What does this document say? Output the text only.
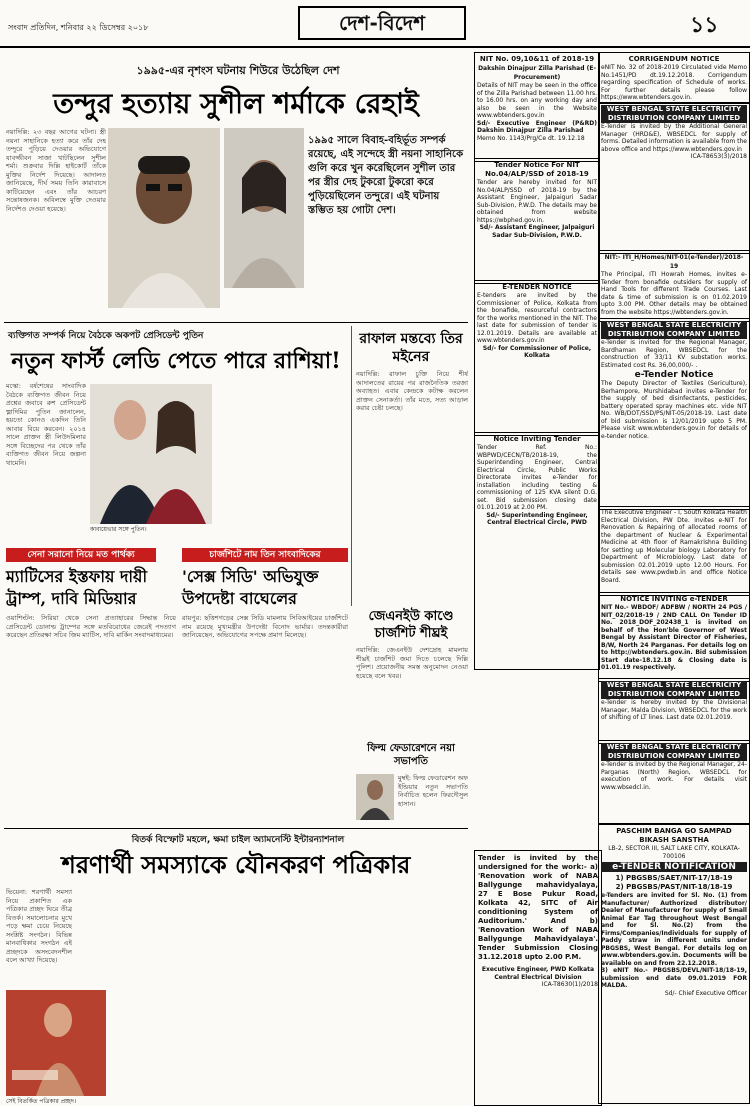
সংবাদ প্রতিদিন, শনিবার ২২ ডিসেম্বর ২০১৮	দেশ-বিদেশ	১১
১৯৯৫-এর নৃশংস ঘটনায় শিউরে উঠেছিল দেশ
তন্দুর হত্যায় সুশীল শর্মাকে রেহাই
নয়াদিল্লি: ২৩ বছর আগের ঘটনা। স্ত্রী নয়না সাহানিকে হত্যা করে তাঁর দেহ তন্দুরে পুড়িয়ে দেওয়ার অভিযোগে যাবজ্জীবন সাজা খাটছিলেন সুশীল শর্মা। শুক্রবার দিল্লি হাইকোর্ট তাঁকে মুক্তির নির্দেশ দিয়েছে। আদালত জানিয়েছে, দীর্ঘ সময় তিনি কারাবাসে কাটিয়েছেন এবং তাঁর আচরণ সন্তোষজনক। অবিলম্বে মুক্তি দেওয়ার নির্দেশও দেওয়া হয়েছে।
১৯৯৫ সালে বিবাহ-বহির্ভূত সম্পর্ক রয়েছে, এই সন্দেহে স্ত্রী নয়না সাহানিকে গুলি করে খুন করেছিলেন সুশীল তার পর স্ত্রীর দেহ টুকরো টুকরো করে পুড়িয়েছিলেন তন্দুরে। এই ঘটনায় স্তম্ভিত হয় গোটা দেশ।
ব্যক্তিগত সম্পর্ক নিয়ে বৈঠকে অকপট প্রেসিডেন্ট পুতিন
নতুন ফার্স্ট লেডি পেতে পারে রাশিয়া!
মস্কো: বর্ষশেষের সাংবাদিক বৈঠকে ব্যক্তিগত জীবন নিয়ে প্রশ্নের জবাবে রুশ প্রেসিডেন্ট ভ্লাদিমির পুতিন জানালেন, হয়তো কোনও একদিন তিনি আবার বিয়ে করবেন। ২০১৪ সালে প্রাক্তন স্ত্রী লিউদমিলার সঙ্গে বিচ্ছেদের পর থেকে তাঁর ব্যক্তিগত জীবন নিয়ে জল্পনা থামেনি।
কাবায়েভার সঙ্গে পুতিন।
রাফাল মন্তব্যে তির মইনের
নয়াদিল্লি: রাফাল চুক্তি নিয়ে শীর্ষ আদালতের রায়ের পর রাজনৈতিক তরজা অব্যাহত। এবার কেন্দ্রকে কটাক্ষ করলেন প্রাক্তন সেনাকর্তা। তাঁর মতে, সত্য আড়াল করার চেষ্টা চলছে।
সেনা সরানো নিয়ে মত পার্থক্য	চার্জশিটে নাম তিন সাংবাদিকের
ম্যাটিসের ইস্তফায় দায়ী ট্রাম্প, দাবি মিডিয়ার
'সেক্স সিডি' অভিযুক্ত উপদেষ্টা বাঘেলের
ওয়াশিংটন: সিরিয়া থেকে সেনা প্রত্যাহারের সিদ্ধান্ত নিয়ে প্রেসিডেন্ট ডোনাল্ড ট্রাম্পের সঙ্গে মতবিরোধের জেরেই পদত্যাগ করেছেন প্রতিরক্ষা সচিব জিম ম্যাটিস, দাবি মার্কিন সংবাদমাধ্যমের।
রায়পুর: ছত্তিশগড়ের সেক্স সিডি মামলায় সিবিআইয়ের চার্জশিটে নাম রয়েছে মুখ্যমন্ত্রীর উপদেষ্টা বিনোদ ভার্মার। তদন্তকারীরা জানিয়েছেন, অভিযোগের সপক্ষে প্রমাণ মিলেছে।
জেএনইউ কাণ্ডে চার্জশিট শীঘ্রই
নয়াদিল্লি: জেএনইউ দেশদ্রোহ মামলায় শীঘ্রই চার্জশিট জমা দিতে চলেছে দিল্লি পুলিশ। প্রয়োজনীয় সমস্ত অনুমোদন নেওয়া হয়েছে বলে খবর।
ফিল্ম ফেডারেশনে নয়া সভাপতি
মুম্বই: ফিল্ম ফেডারেশন অফ ইন্ডিয়ার নতুন সভাপতি নির্বাচিত হলেন ফিরদৌসুল হাসান।
বিতর্ক বিস্ফোট মহলে, ক্ষমা চাইল অ্যামনেস্টি ইন্টারন্যাশনাল
শরণার্থী সমস্যাকে যৌনকরণ পত্রিকার
ভিয়েনা: শরণার্থী সমস্যা নিয়ে প্রকাশিত এক পত্রিকার প্রচ্ছদ ঘিরে তীব্র বিতর্ক। সমালোচনার মুখে পড়ে ক্ষমা চেয়ে নিয়েছে সংশ্লিষ্ট সংগঠন। বিভিন্ন মানবাধিকার সংগঠন এই প্রচ্ছদকে অসংবেদনশীল বলে আখ্যা দিয়েছে।
সেই বিতর্কিত পত্রিকার প্রচ্ছদ।
NIT No. 09,10&11 of 2018-19
Dakshin Dinajpur Zilla Parishad (E-Procurement)
Details of NIT may be seen in the office of the Zilla Parishad between 11.00 hrs. to 16.00 hrs. on any working day and also be seen in the Website www.wbtenders.gov.in
Sd/- Executive Engineer (P&RD) Dakshin Dinajpur Zilla Parishad
Memo No. 1143/Prg/Ce dt. 19.12.18
Tender Notice For NIT No.04/ALP/SSD of 2018-19
Tender are hereby invited for NIT No.04/ALP/SSD of 2018-19 by the Assistant Engineer, Jalpaiguri Sadar Sub-Division, P.W.D. The details may be obtained from website https://wbphed.gov.in.
Sd/- Assistant Engineer, Jalpaiguri Sadar Sub-Division, P.W.D.
E-TENDER NOTICE
E-tenders are invited by the Commissioner of Police, Kolkata from the bonafide, resourceful contractors for the works mentioned in the NIT. The last date for submission of tender is 12.01.2019. Details are available at www.wbtenders.gov.in
Sd/- for Commissioner of Police, Kolkata
Notice Inviting Tender
Tender Ref. No.: WBPWD/CECN/TB/2018-19, the Superintending Engineer, Central Electrical Circle, Public Works Directorate invites e-Tender for installation including testing & commissioning of 125 KVA silent D.G. set. Bid submission closing date 01.01.2019 at 2.00 PM.
Sd/- Superintending Engineer, Central Electrical Circle, PWD
Tender is invited by the undersigned for the work:- a) 'Renovation work of NABA Ballygunge mahavidyalaya, 27 E Bose Pukur Road, Kolkata 42, SITC of Air conditioning System of Auditorium.' And b) 'Renovation Work of NABA Ballygunge Mahavidyalaya'. Tender Submission Closing 31.12.2018 upto 2.00 P.M.
Executive Engineer, PWD Kolkata Central Electrical Division
ICA-T8630(1)/2018
CORRIGENDUM NOTICE
eNIT No. 32 of 2018-2019 Circulated vide Memo No.1451/PD dt.19.12.2018. Corrigendum regarding specification of Schedule of works. For further details please follow https://www.wbtenders.gov.in.
WEST BENGAL STATE ELECTRICITY DISTRIBUTION COMPANY LIMITED
E-Tender is invited by the Additional General Manager (HRD&E), WBSEDCL for supply of forms. Detailed information is available from the above office and https://www.wbtenders.gov.in
ICA-T8653(3)/2018
NIT:- ITI_H/Homes/NIT-01(e-Tender)/2018-19
The Principal, ITI Howrah Homes, invites e-Tender from bonafide outsiders for supply of Hand Tools for different Trade Courses. Last date & time of submission is on 01.02.2019 upto 3.00 PM. Other details may be obtained from the website https://wbtenders.gov.in.
WEST BENGAL STATE ELECTRICITY DISTRIBUTION COMPANY LIMITED
e-Tender is invited for the Regional Manager, Bardhaman Region, WBSEDCL for the construction of 33/11 KV substation works. Estimated cost Rs. 36,00,000/- .
e-Tender Notice
The Deputy Director of Textiles (Sericulture), Berhampore, Murshidabad invites e-Tender for the supply of bed disinfectants, pesticides, battery operated spray machines etc. vide NIT No. WB/DOT/SSD/PS/NIT-05/2018-19. Last date of bid submission is 12/01/2019 upto 5 PM. Please visit www.wbtenders.gov.in for details of e-tender notice.
The Executive Engineer - I, South Kolkata Health Electrical Division, PW Dte. invites e-NIT for Renovation & Repairing of allocated rooms of the department of Nuclear & Experimental Medicine at 4th floor of Ramakrishna Building for setting up Molecular biology Laboratory for Department of Microbiology. Last date of submission 02.01.2019 upto 12.00 Hours. For details see www.pwdwb.in and office Notice Board.
NOTICE INVITING e-TENDER
NIT No.- WBDOF/ ADFBW / NORTH 24 PGS / NIT_02/2018-19 / 2ND CALL On Tender ID No. 2018_DOF_202438_1 is invited on behalf of the Hon'ble Governor of West Bengal by Assistant Director of Fisheries, B/W, North 24 Parganas. For details log on to http://wbtenders.gov.in. Bid submission Start date-18.12.18 & Closing date is 01.01.19 respectively.
WEST BENGAL STATE ELECTRICITY DISTRIBUTION COMPANY LIMITED
e-Tender is hereby invited by the Divisional Manager, Malda Division, WBSEDCL for the work of shifting of LT lines. Last date 02.01.2019.
WEST BENGAL STATE ELECTRICITY DISTRIBUTION COMPANY LIMITED
e-Tender is invited by the Regional Manager, 24-Parganas (North) Region, WBSEDCL for execution of work. For details visit www.wbsedcl.in.
PASCHIM BANGA GO SAMPAD BIKASH SANSTHA
LB-2, SECTOR III, SALT LAKE CITY, KOLKATA-700106
e-TENDER NOTIFICATION
1) PBGSBS/SAET/NIT-17/18-19
2) PBGSBS/PAST/NIT-18/18-19
e-Tenders are invited for Sl. No. (1) from Manufacturer/ Authorized distributor/ Dealer of Manufacturer for supply of Small Animal Ear Tag throughout West Bengal and for Sl. No.(2) from the Firms/Companies/Individuals for supply of Paddy straw in different units under PBGSBS, West Bengal. For details log on www.wbtenders.gov.in. Documents will be available on and from 22.12.2018.
3) eNIT No.- PBGSBS/DEVL/NIT-18/18-19, submission end date 09.01.2019 FOR MALDA.
Sd/- Chief Executive Officer
